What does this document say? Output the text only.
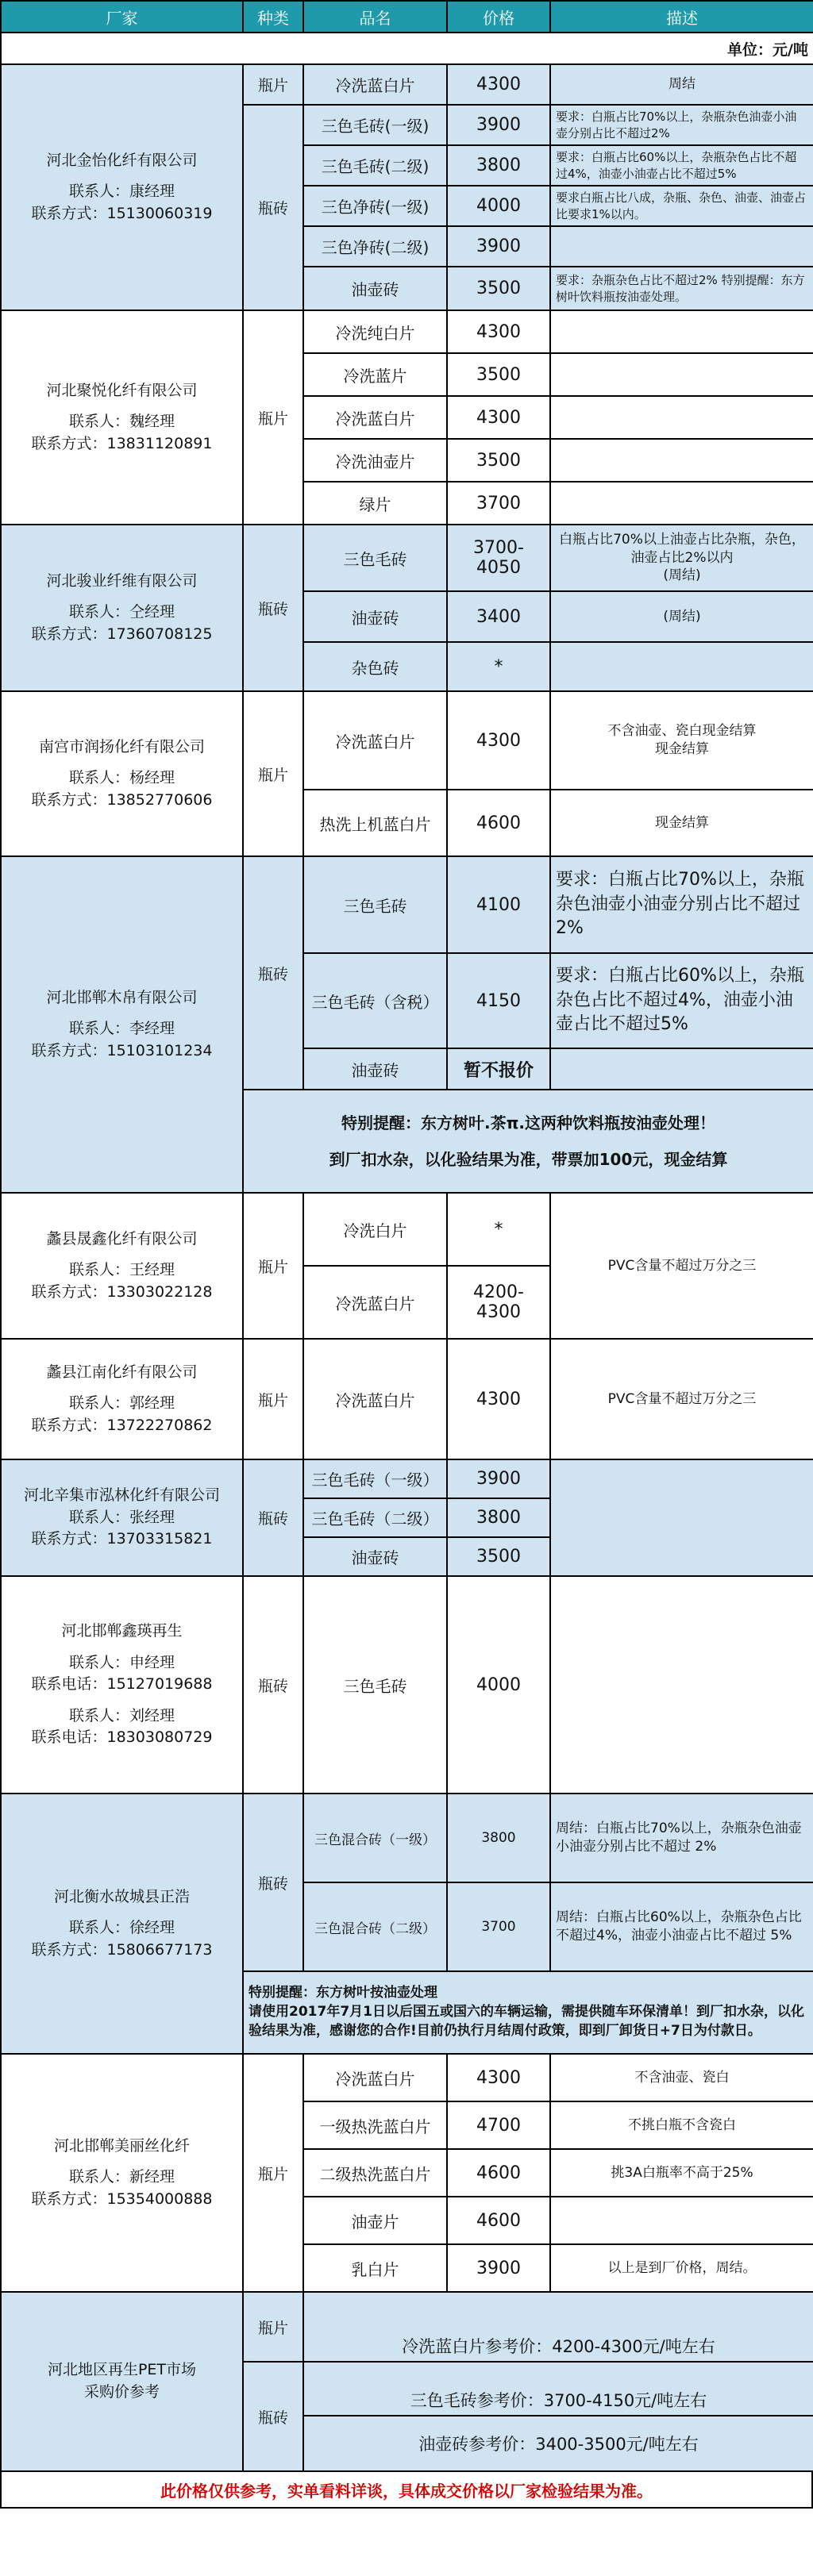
厂家	种类	品名	价格	描述
单位：元/吨				

河北金怡化纤有限公司
联系人：康经理
联系方式：15130060319	瓶片	冷洗蓝白片	4300	周结
	瓶砖	三色毛砖(一级)	3900	要求：白瓶占比70%以上，杂瓶杂色油壶小油壶分别占比不超过2%
		三色毛砖(二级)	3800	要求：白瓶占比60%以上，杂瓶杂色占比不超过4%，油壶小油壶占比不超过5%
		三色净砖(一级)	4000	要求白瓶占比八成，杂瓶、杂色、油壶、油壶占比要求1%以内。
		三色净砖(二级)	3900	
		油壶砖	3500	要求：杂瓶杂色占比不超过2% 特别提醒：东方树叶饮料瓶按油壶处理。

河北聚悦化纤有限公司
联系人：魏经理
联系方式：13831120891	瓶片	冷洗纯白片	4300	
		冷洗蓝片	3500	
		冷洗蓝白片	4300	
		冷洗油壶片	3500	
		绿片	3700	

河北骏业纤维有限公司
联系人：仝经理
联系方式：17360708125	瓶砖	三色毛砖	3700-4050	白瓶占比70%以上油壶占比杂瓶，杂色，油壶占比2%以内
(周结)
		油壶砖	3400	(周结)
		杂色砖	*	

南宫市润扬化纤有限公司
联系人：杨经理
联系方式：13852770606	瓶片	冷洗蓝白片	4300	不含油壶、瓷白现金结算
现金结算
		热洗上机蓝白片	4600	现金结算

河北邯郸木帛有限公司
联系人：李经理
联系方式：15103101234	瓶砖	三色毛砖	4100	要求：白瓶占比70%以上，杂瓶杂色油壶小油壶分别占比不超过2%
		三色毛砖（含税）	4150	要求：白瓶占比60%以上，杂瓶杂色占比不超过4%，油壶小油壶占比不超过5%
		油壶砖	暂不报价	

	特别提醒：东方树叶.茶π.这两种饮料瓶按油壶处理！
到厂扣水杂，以化验结果为准，带票加100元，现金结算			

蠡县晟鑫化纤有限公司
联系人：王经理
联系方式：13303022128	瓶片	冷洗白片	*	PVC含量不超过万分之三
		冷洗蓝白片	4200-4300	

蠡县江南化纤有限公司
联系人：郭经理
联系方式：13722270862	瓶片	冷洗蓝白片	4300	PVC含量不超过万分之三

河北辛集市泓林化纤有限公司
联系人：张经理
联系方式：13703315821	瓶砖	三色毛砖（一级）	3900	
		三色毛砖（二级）	3800	
		油壶砖	3500	

河北邯郸鑫瑛再生
联系人：申经理
联系电话：15127019688
联系人：刘经理
联系电话：18303080729	瓶砖	三色毛砖	4000	

河北衡水故城县正浩
联系人：徐经理
联系方式：15806677173	瓶砖	三色混合砖（一级）	3800	周结：白瓶占比70%以上，杂瓶杂色油壶小油壶分别占比不超过 2%
		三色混合砖（二级）	3700	周结：白瓶占比60%以上，杂瓶杂色占比不超过4%，油壶小油壶占比不超过 5%
	特别提醒：东方树叶按油壶处理
请使用2017年7月1日以后国五或国六的车辆运输，需提供随车环保清单！到厂扣水杂，以化验结果为准，感谢您的合作!目前仍执行月结周付政策，即到厂卸货日+7日为付款日。			

河北邯郸美丽丝化纤
联系人：新经理
联系方式：15354000888	瓶片	冷洗蓝白片	4300	不含油壶、瓷白
		一级热洗蓝白片	4700	不挑白瓶不含瓷白
		二级热洗蓝白片	4600	挑3A白瓶率不高于25%
		油壶片	4600	
		乳白片	3900	以上是到厂价格，周结。
河北地区再生PET市场
采购价参考	瓶片	冷洗蓝白片参考价：4200-4300元/吨左右		
	瓶砖	三色毛砖参考价：3700-4150元/吨左右		
		油壶砖参考价：3400-3500元/吨左右		
此价格仅供参考，实单看料详谈，具体成交价格以厂家检验结果为准。
